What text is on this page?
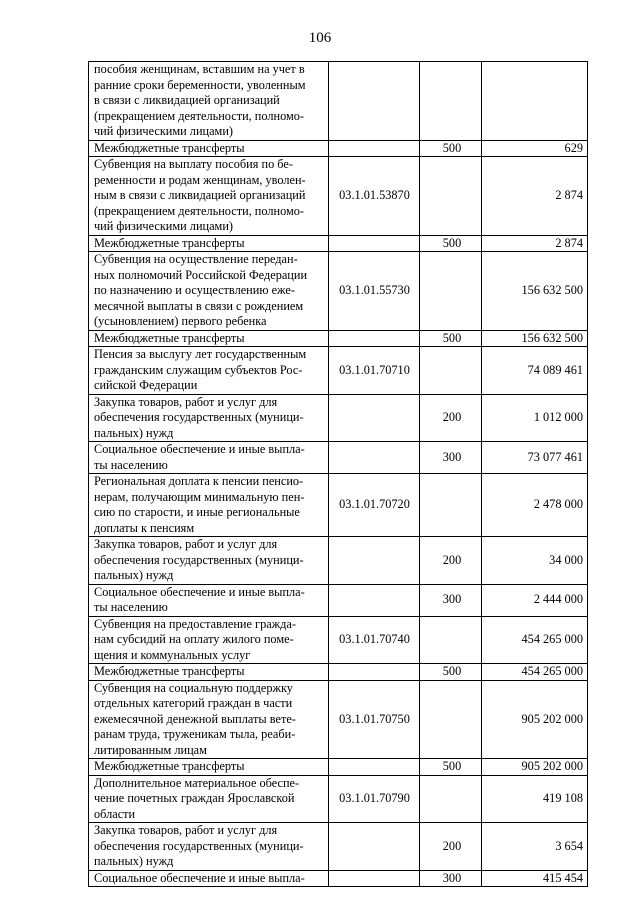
106
пособия женщинам, вставшим на учет в
ранние сроки беременности, уволенным
в связи с ликвидацией организаций
(прекращением деятельности, полномо-
чий физическими лицами)			
Межбюджетные трансферты		500	629
Субвенция на выплату пособия по бе-
ременности и родам женщинам, уволен-
ным в связи с ликвидацией организаций
(прекращением деятельности, полномо-
чий физическими лицами)	03.1.01.53870		2 874
Межбюджетные трансферты		500	2 874
Субвенция на осуществление передан-
ных полномочий Российской Федерации
по назначению и осуществлению еже-
месячной выплаты в связи с рождением
(усыновлением) первого ребенка	03.1.01.55730		156 632 500
Межбюджетные трансферты		500	156 632 500
Пенсия за выслугу лет государственным
гражданским служащим субъектов Рос-
сийской Федерации	03.1.01.70710		74 089 461
Закупка товаров, работ и услуг для
обеспечения государственных (муници-
пальных) нужд		200	1 012 000
Социальное обеспечение и иные выпла-
ты населению		300	73 077 461
Региональная доплата к пенсии пенсио-
нерам, получающим минимальную пен-
сию по старости, и иные региональные
доплаты к пенсиям	03.1.01.70720		2 478 000
Закупка товаров, работ и услуг для
обеспечения государственных (муници-
пальных) нужд		200	34 000
Социальное обеспечение и иные выпла-
ты населению		300	2 444 000
Субвенция на предоставление гражда-
нам субсидий на оплату жилого поме-
щения и коммунальных услуг	03.1.01.70740		454 265 000
Межбюджетные трансферты		500	454 265 000
Субвенция на социальную поддержку
отдельных категорий граждан в части
ежемесячной денежной выплаты вете-
ранам труда, труженикам тыла, реаби-
литированным лицам	03.1.01.70750		905 202 000
Межбюджетные трансферты		500	905 202 000
Дополнительное материальное обеспе-
чение почетных граждан Ярославской
области	03.1.01.70790		419 108
Закупка товаров, работ и услуг для
обеспечения государственных (муници-
пальных) нужд		200	3 654
Социальное обеспечение и иные выпла-		300	415 454
